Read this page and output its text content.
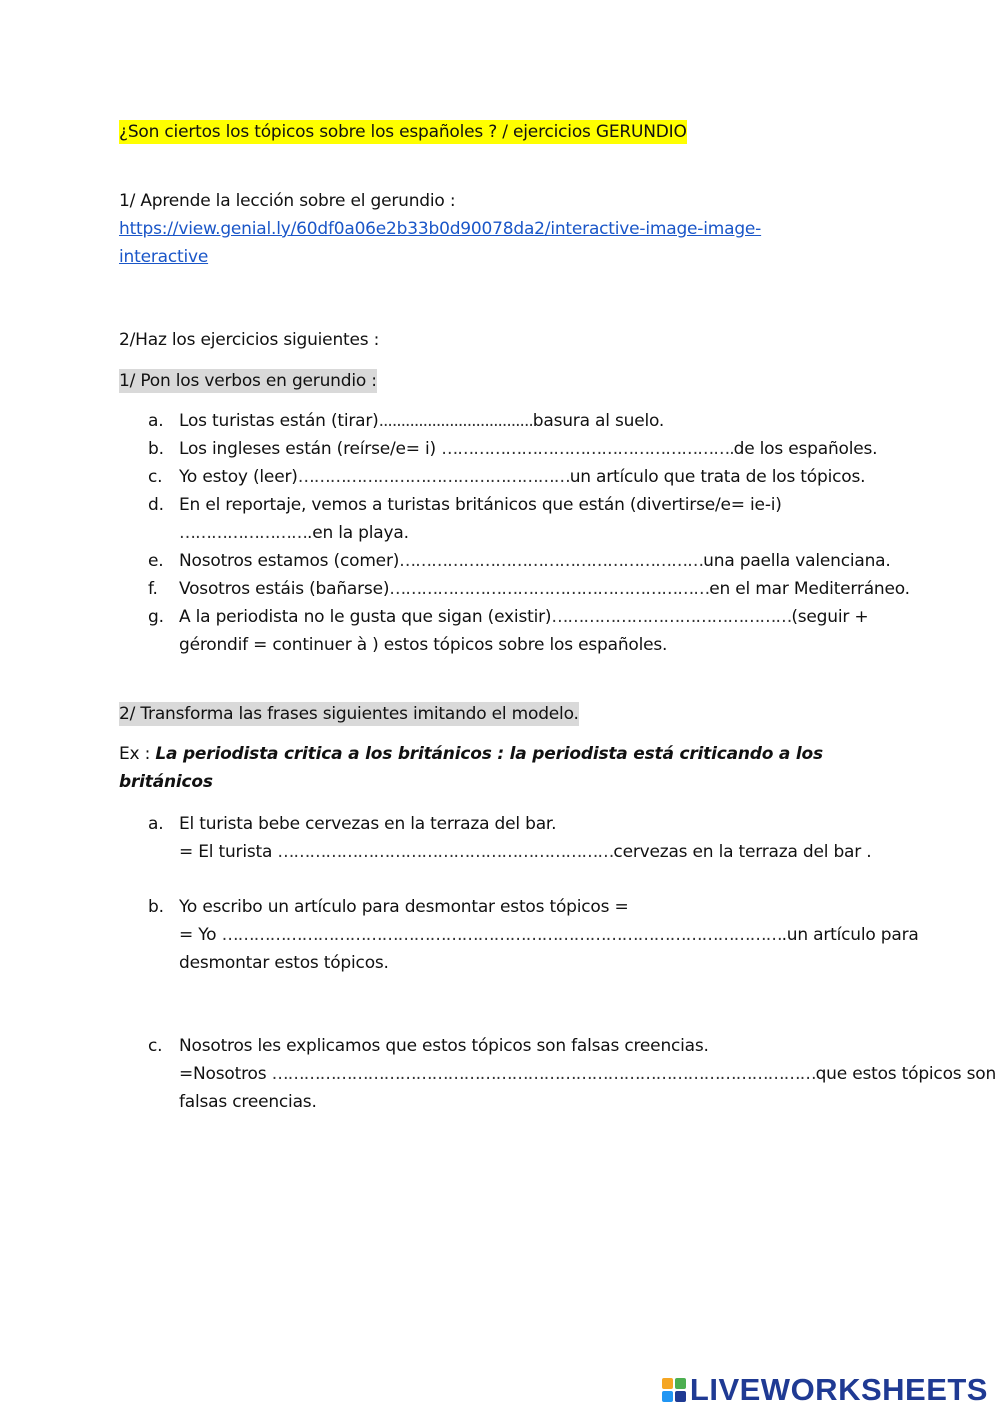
¿Son ciertos los tópicos sobre los españoles ? / ejercicios GERUNDIO
1/ Aprende la lección sobre el gerundio :
https://view.genial.ly/60df0a06e2b33b0d90078da2/interactive-image-image-
interactive
2/Haz los ejercicios siguientes :
1/ Pon los verbos en gerundio :
a. Los turistas están (tirar)...................................basura al suelo.
b. Los ingleses están (reírse/e= i) ……………………………………………….de los españoles.
c. Yo estoy (leer)……………………………………………un artículo que trata de los tópicos.
d. En el reportaje, vemos a turistas británicos que están (divertirse/e= ie-i)
…………………….en la playa.
e. Nosotros estamos (comer)…………………………………………………una paella valenciana.
f. Vosotros estáis (bañarse)……………………………………………………en el mar Mediterráneo.
g. A la periodista no le gusta que sigan (existir)………………………………………(seguir +
gérondif = continuer à ) estos tópicos sobre los españoles.
2/ Transforma las frases siguientes imitando el modelo.
Ex : La periodista critica a los británicos : la periodista está criticando a los
británicos
a. El turista bebe cervezas en la terraza del bar.
= El turista ………………………………………………………cervezas en la terraza del bar .
b. Yo escribo un artículo para desmontar estos tópicos =
= Yo …………………………………………………………………………………………….un artículo para
desmontar estos tópicos.
c. Nosotros les explicamos que estos tópicos son falsas creencias.
=Nosotros …………………………………………………………………………………………que estos tópicos son
falsas creencias.
LIVEWORKSHEETS
